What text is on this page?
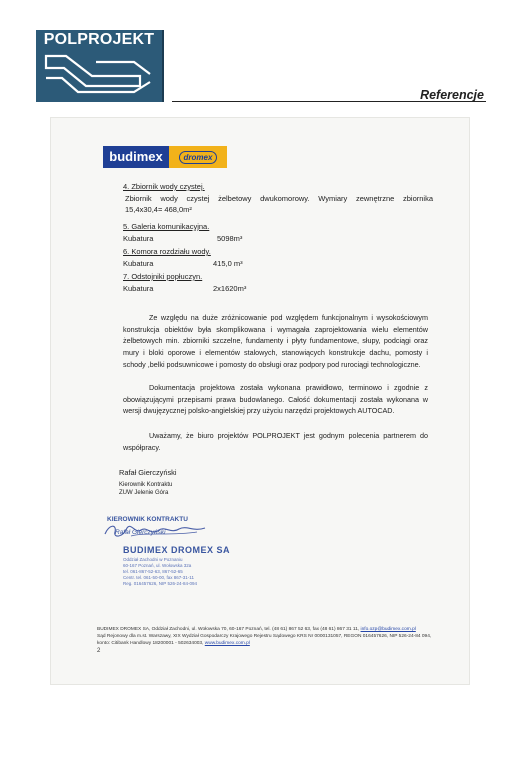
POLPROJEKT
Referencje
budimex	dromex
4. Zbiornik wody czystej.
Zbiornik wody czystej żelbetowy dwukomorowy. Wymiary zewnętrzne zbiornika
15,4x30,4= 468,0m²
5. Galeria komunikacyjna.
Kubatura	5098m³
6. Komora rozdziału wody.
Kubatura	415,0 m³
7. Odstojniki popłuczyn.
Kubatura	2x1620m³
Ze względu na duże zróżnicowanie pod względem funkcjonalnym i wysokościowym konstrukcja obiektów była skomplikowana i wymagała zaprojektowania wielu elementów żelbetowych min. zbiorniki szczelne, fundamenty i płyty fundamentowe, słupy, podciągi oraz mury i bloki oporowe i elementów stalowych, stanowiących konstrukcje dachu, pomosty i schody ,belki podsuwnicowe i pomosty do obsługi oraz podpory pod rurociągi technologiczne.
Dokumentacja projektowa została wykonana prawidłowo, terminowo i zgodnie z obowiązującymi przepisami prawa budowlanego. Całość dokumentacji została wykonana w wersji dwujęzycznej polsko-angielskiej przy użyciu narzędzi projektowych AUTOCAD.
Uważamy, że biuro projektów POLPROJEKT jest godnym polecenia partnerem do współpracy.
Rafał Gierczyński
Kierownik Kontraktu
ZUW Jelenie Góra
KIEROWNIK KONTRAKTU
Rafał Gierczyński
BUDIMEX DROMEX SA
Oddział Zachodni w Poznaniu
60-167 Poznań, ul. Wołowska 32a
tel. 061-867-52-63, 867-52-65
Centr. tel. 061-50-00, fax 867-31-11
Reg. 016457626, NIP 526-24-84-094
BUDIMEX DROMEX SA, Oddział Zachodni, ul. Wołowska 70, 60-167 Poznań, tel. (48 61) 867 52 63, fax (48 61) 867 31 11, info.ozp@budimex.com.pl
Sąd Rejonowy dla m.st. Warszawy, XIX Wydział Gospodarczy Krajowego Rejestru Sądowego KRS Nr 0000131057, REGON 016457626, NIP 526-24-84 094,
konto: Citibank Handlowy 18200001 - 502634003, www.budimex.com.pl
2
